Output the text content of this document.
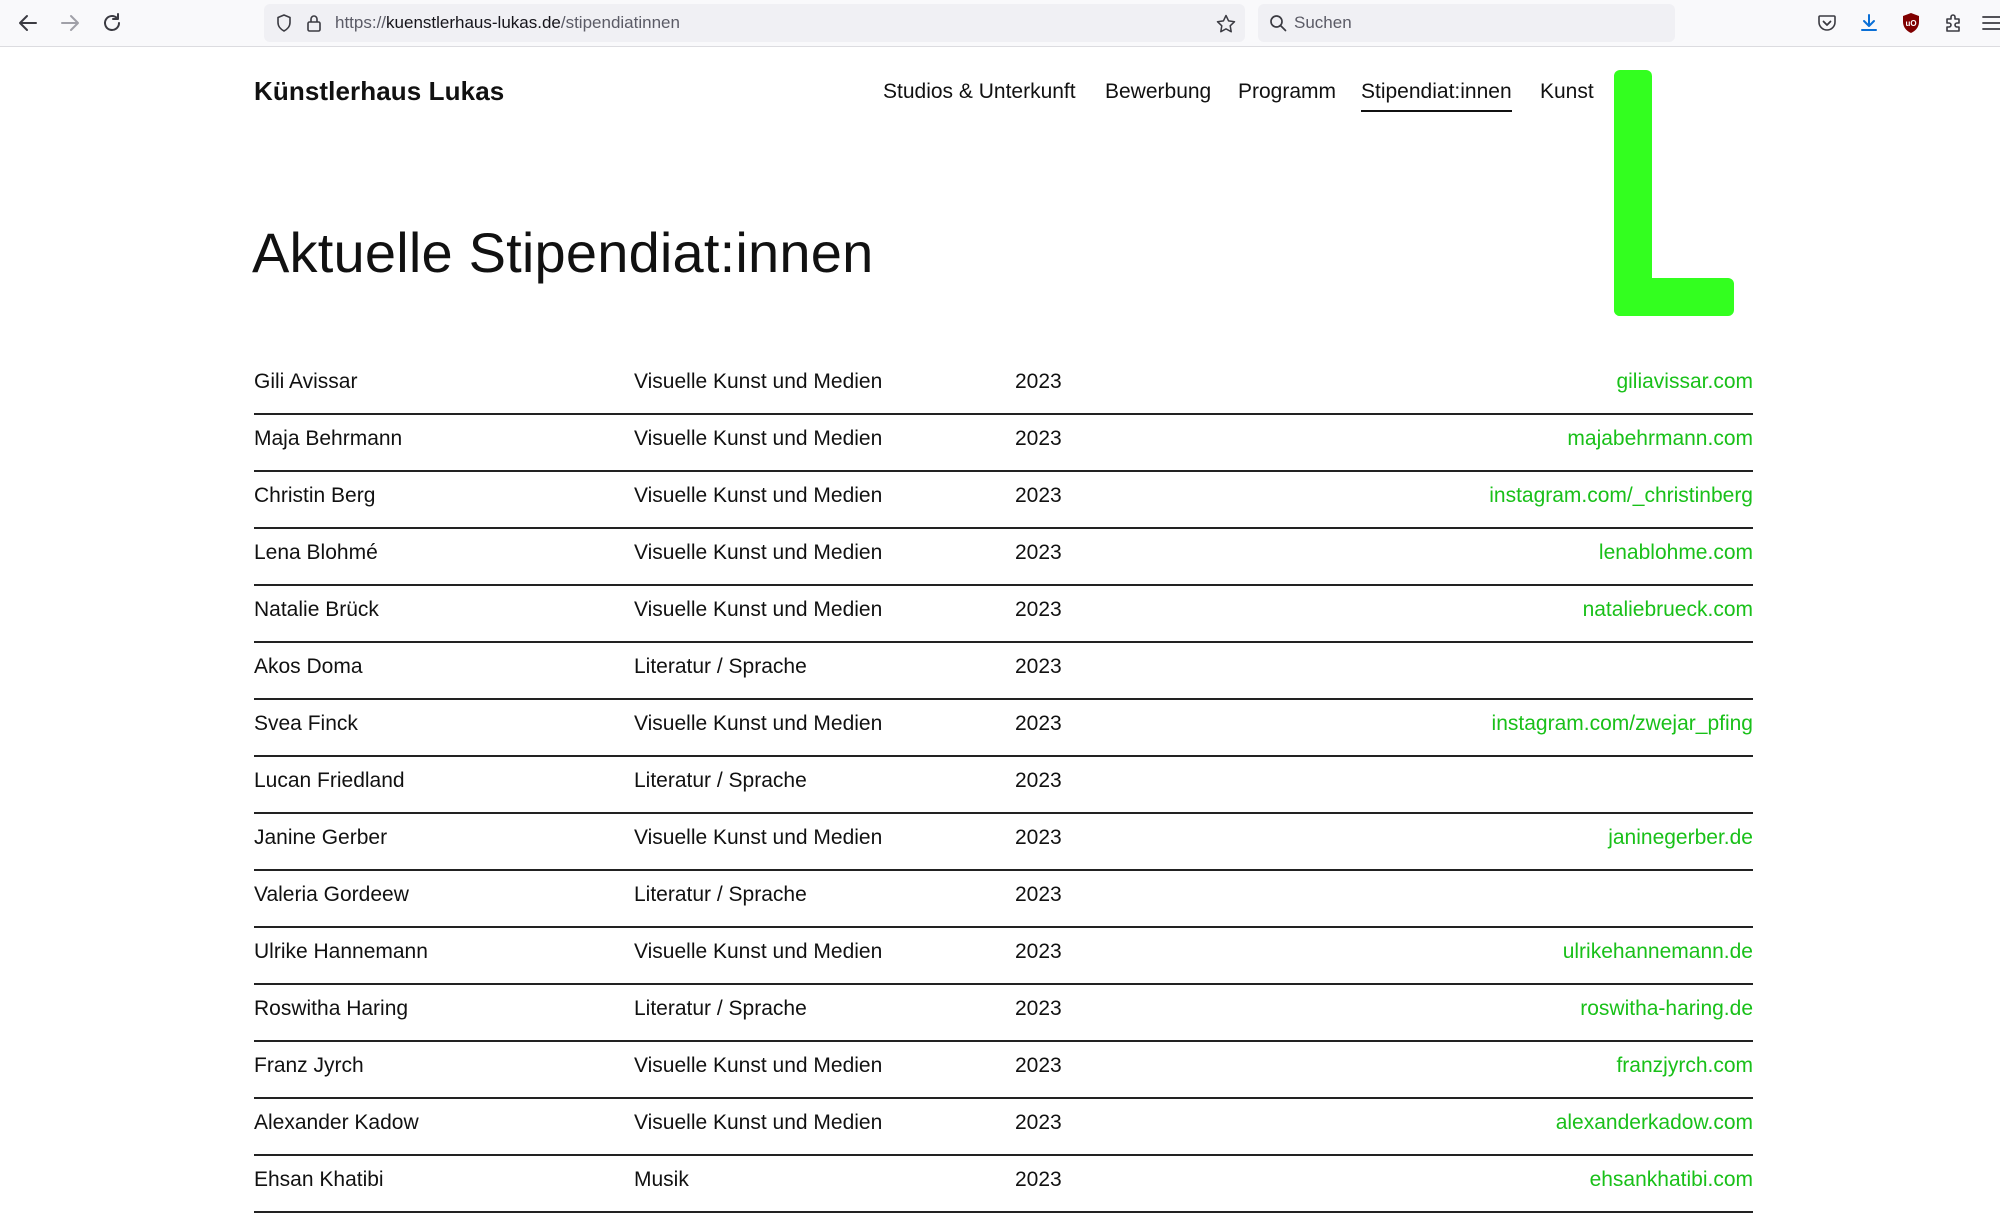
https://kuenstlerhaus-lukas.de/stipendiatinnen	Suchen	uO
Künstlerhaus Lukas	Studios & Unterkunft Bewerbung Programm Stipendiat:innen Kunst
Aktuelle Stipendiat:innen
Gili Avissar	Visuelle Kunst und Medien	2023	giliavissar.com
Maja Behrmann	Visuelle Kunst und Medien	2023	majabehrmann.com
Christin Berg	Visuelle Kunst und Medien	2023	instagram.com/_christinberg
Lena Blohmé	Visuelle Kunst und Medien	2023	lenablohme.com
Natalie Brück	Visuelle Kunst und Medien	2023	nataliebrueck.com
Akos Doma	Literatur / Sprache	2023
Svea Finck	Visuelle Kunst und Medien	2023	instagram.com/zwejar_pfing
Lucan Friedland	Literatur / Sprache	2023
Janine Gerber	Visuelle Kunst und Medien	2023	janinegerber.de
Valeria Gordeew	Literatur / Sprache	2023
Ulrike Hannemann	Visuelle Kunst und Medien	2023	ulrikehannemann.de
Roswitha Haring	Literatur / Sprache	2023	roswitha-haring.de
Franz Jyrch	Visuelle Kunst und Medien	2023	franzjyrch.com
Alexander Kadow	Visuelle Kunst und Medien	2023	alexanderkadow.com
Ehsan Khatibi	Musik	2023	ehsankhatibi.com
